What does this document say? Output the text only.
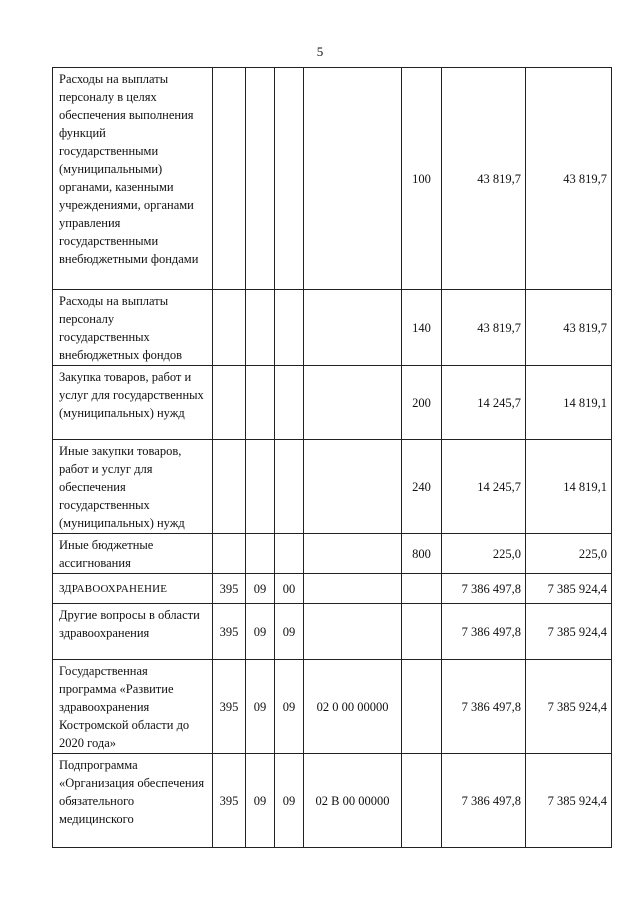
5
Расходы на выплаты персоналу в целях обеспечения выполнения функций государственными (муниципальными) органами, казенными учреждениями, органами управления государственными внебюджетными фондами					100	43 819,7	43 819,7
Расходы на выплаты персоналу государственных внебюджетных фондов					140	43 819,7	43 819,7
Закупка товаров, работ и услуг для государственных (муниципальных) нужд					200	14 245,7	14 819,1
Иные закупки товаров, работ и услуг для обеспечения государственных (муниципальных) нужд					240	14 245,7	14 819,1
Иные бюджетные ассигнования					800	225,0	225,0
ЗДРАВООХРАНЕНИЕ	395	09	00			7 386 497,8	7 385 924,4
Другие вопросы в области здравоохранения	395	09	09			7 386 497,8	7 385 924,4
Государственная программа «Развитие здравоохранения Костромской области до 2020 года»	395	09	09	02 0 00 00000		7 386 497,8	7 385 924,4
Подпрограмма «Организация обеспечения обязательного медицинского	395	09	09	02 В 00 00000		7 386 497,8	7 385 924,4
